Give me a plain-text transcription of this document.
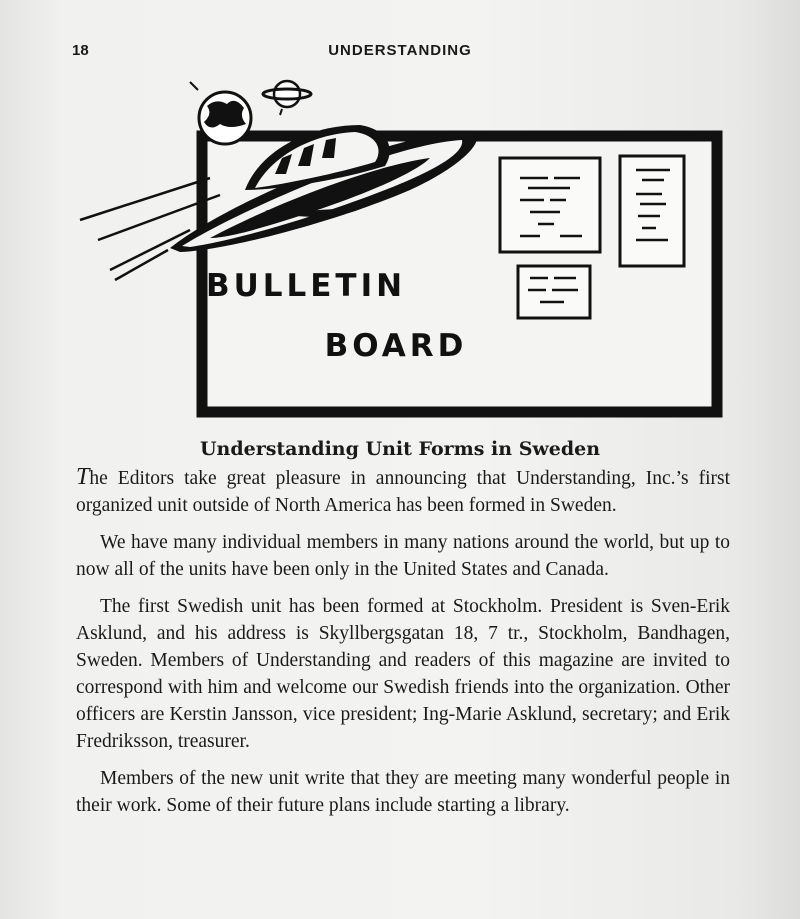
18	UNDERSTANDING
BULLETIN
BOARD
Understanding Unit Forms in Sweden

The Editors take great pleasure in announcing that Understanding, Inc.’s first organized unit outside of North America has been formed in Sweden.

We have many individual members in many nations around the world, but up to now all of the units have been only in the United States and Canada.

The first Swedish unit has been formed at Stockholm. President is Sven-Erik Asklund, and his address is Skyllbergsgatan 18, 7 tr., Stockholm, Bandhagen, Sweden. Members of Understanding and readers of this magazine are invited to correspond with him and welcome our Swedish friends into the organization. Other officers are Kerstin Jansson, vice president; Ing-Marie Asklund, secretary; and Erik Fredriksson, treasurer.

Members of the new unit write that they are meeting many wonderful people in their work. Some of their future plans include starting a library.
